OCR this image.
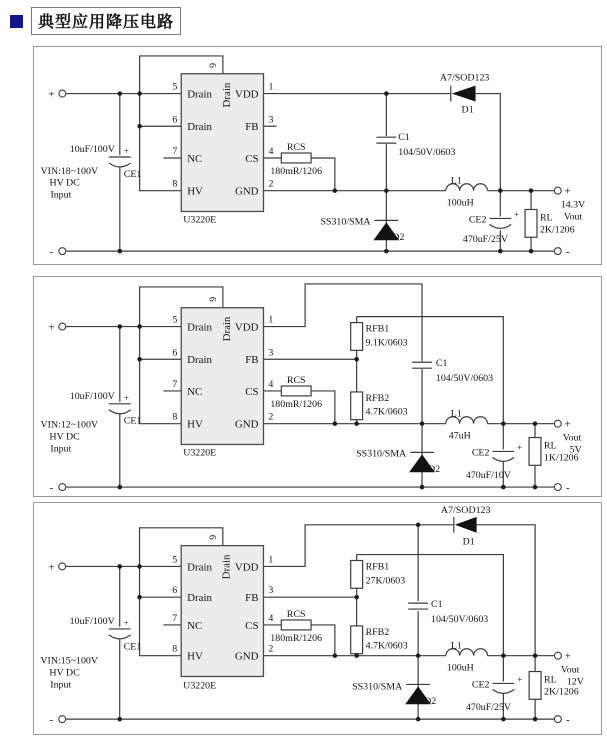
典型应用降压电路
+
-
+
-
10uF/100V +
CE1
VIN:18~100V
HV DC
Input
5
6
7
8
1
3
4
2
9
Drain
Drain
NC
HV
VDD
FB
CS
GND
Drain
U3220E
RCS
180mR/1206
A7/SOD123
D1
C1
104/50V/0603
SS310/SMA
D2
L1
100uH
CE2	+
470uF/25V
RL
2K/1206
14.3V
Vout
+
-
+
-
10uF/100V +
CE1
VIN:12~100V
HV DC
Input
5
6
7
8
1
3
4
2
9
Drain
Drain
NC
HV
VDD
FB
CS
GND
Drain
U3220E
RCS
180mR/1206
RFB1
9.1K/0603
RFB2
4.7K/0603
C1
104/50V/0603
SS310/SMA
D2
L1
47uH
CE2	+
470uF/10V
RL
1K/1206
Vout
5V
+
-
+
-
10uF/100V +
CE1
VIN:15~100V
HV DC
Input
5
6
7
8
1
3
4
2
9
Drain
Drain
NC
HV
VDD
FB
CS
GND
Drain
U3220E
RCS
180mR/1206
RFB1
27K/0603
RFB2
4.7K/0603
A7/SOD123
D1
C1
104/50V/0603
SS310/SMA
D2
L1
100uH
CE2	+
470uF/25V
RL
2K/1206
Vout
12V
